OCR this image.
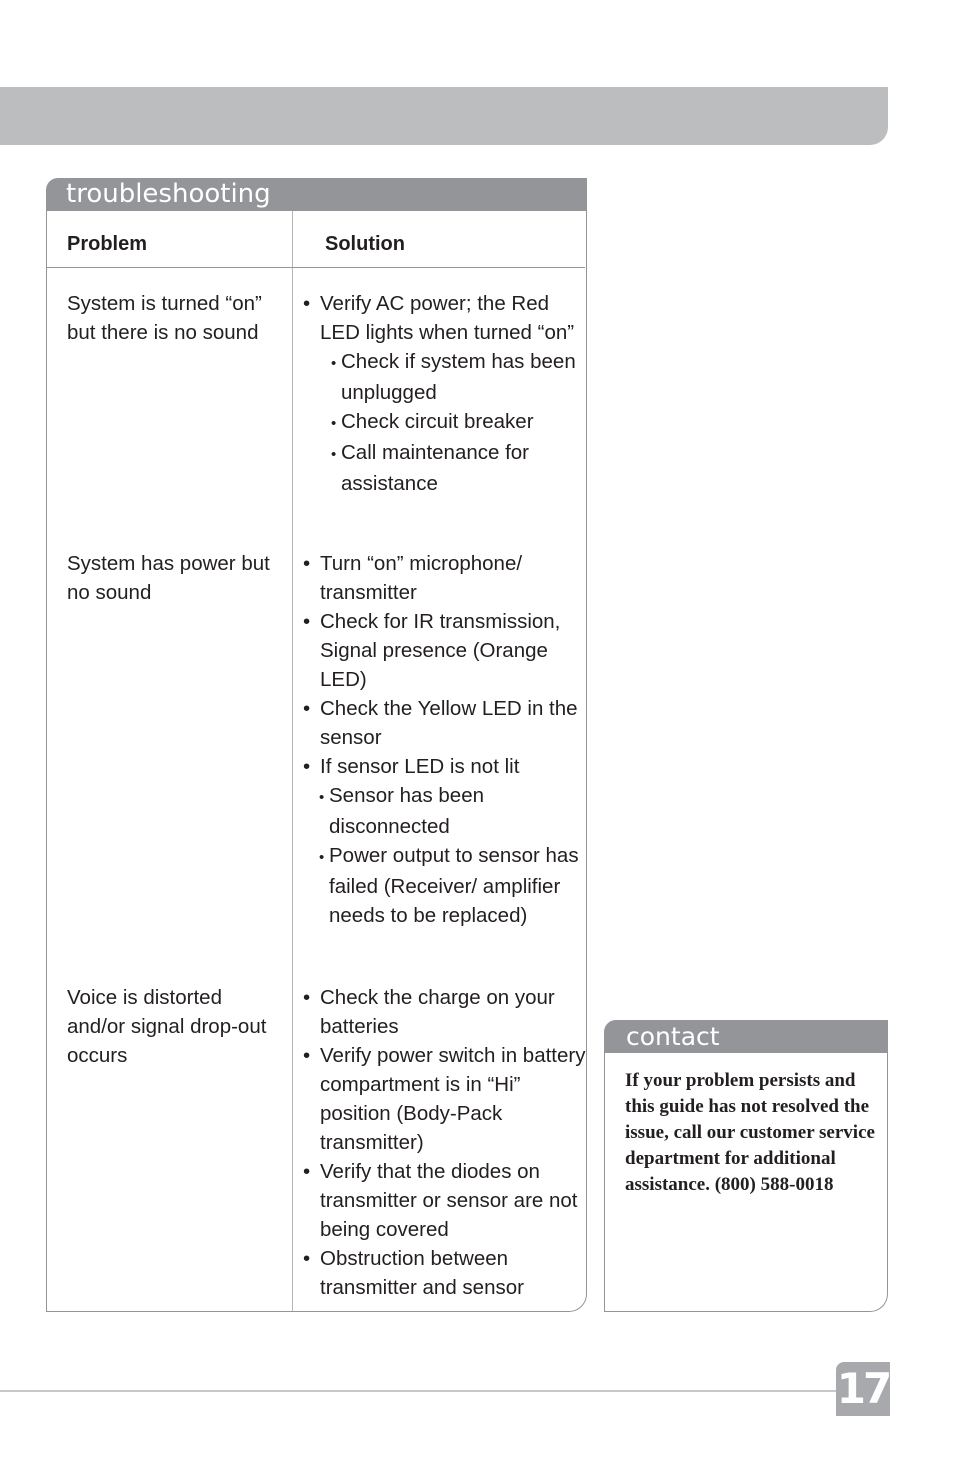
troubleshooting
Problem	Solution
System is turned “on” but there is no sound
• Verify AC power; the Red LED lights when turned “on”
• Check if system has been unplugged
• Check circuit breaker
• Call maintenance for assistance
System has power but no sound
• Turn “on” microphone/ transmitter
• Check for IR transmission, Signal presence (Orange LED)
• Check the Yellow LED in the sensor
• If sensor LED is not lit
• Sensor has been disconnected
• Power output to sensor has failed (Receiver/ amplifier needs to be replaced)
Voice is distorted and/or signal drop-out occurs
• Check the charge on your batteries
• Verify power switch in battery compartment is in “Hi” position (Body-Pack transmitter)
• Verify that the diodes on transmitter or sensor are not being covered
• Obstruction between transmitter and sensor
contact

If your problem persists and this guide has not resolved the issue, call our customer service department for additional assistance. (800) 588-0018

17
